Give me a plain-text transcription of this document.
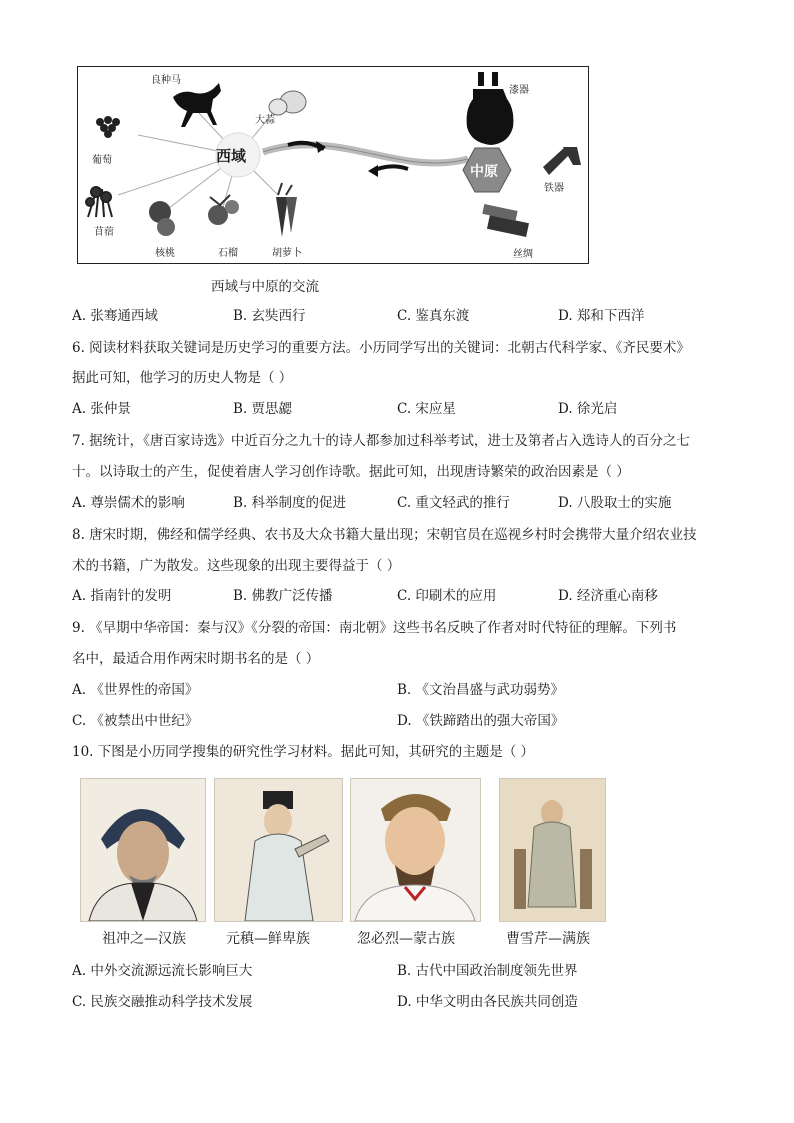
良种马
大蒜
葡萄
苜蓿
核桃	石榴	胡萝卜
西域
中原
漆器
铁器
丝绸
西域与中原的交流
A. 张骞通西域	B. 玄奘西行	C. 鉴真东渡	D. 郑和下西洋
6. 阅读材料获取关键词是历史学习的重要方法。小历同学写出的关键词：北朝古代科学家、《齐民要术》
据此可知，他学习的历史人物是（ ）
A. 张仲景	B. 贾思勰	C. 宋应星	D. 徐光启
7. 据统计，《唐百家诗选》中近百分之九十的诗人都参加过科举考试，进士及第者占入选诗人的百分之七
十。以诗取士的产生，促使着唐人学习创作诗歌。据此可知，出现唐诗繁荣的政治因素是（ ）
A. 尊崇儒术的影响	B. 科举制度的促进	C. 重文轻武的推行	D. 八股取士的实施
8. 唐宋时期，佛经和儒学经典、农书及大众书籍大量出现；宋朝官员在巡视乡村时会携带大量介绍农业技
术的书籍，广为散发。这些现象的出现主要得益于（ ）
A. 指南针的发明	B. 佛教广泛传播	C. 印刷术的应用	D. 经济重心南移
9. 《早期中华帝国：秦与汉》《分裂的帝国：南北朝》这些书名反映了作者对时代特征的理解。下列书
名中，最适合用作两宋时期书名的是（ ）
A. 《世界性的帝国》	B. 《文治昌盛与武功弱势》
C. 《被禁出中世纪》	D. 《铁蹄踏出的强大帝国》
10. 下图是小历同学搜集的研究性学习材料。据此可知，其研究的主题是（ ）
祖冲之—汉族	元稹—鲜卑族	忽必烈—蒙古族	曹雪芹—满族
A. 中外交流源远流长影响巨大	B. 古代中国政治制度领先世界
C. 民族交融推动科学技术发展	D. 中华文明由各民族共同创造
